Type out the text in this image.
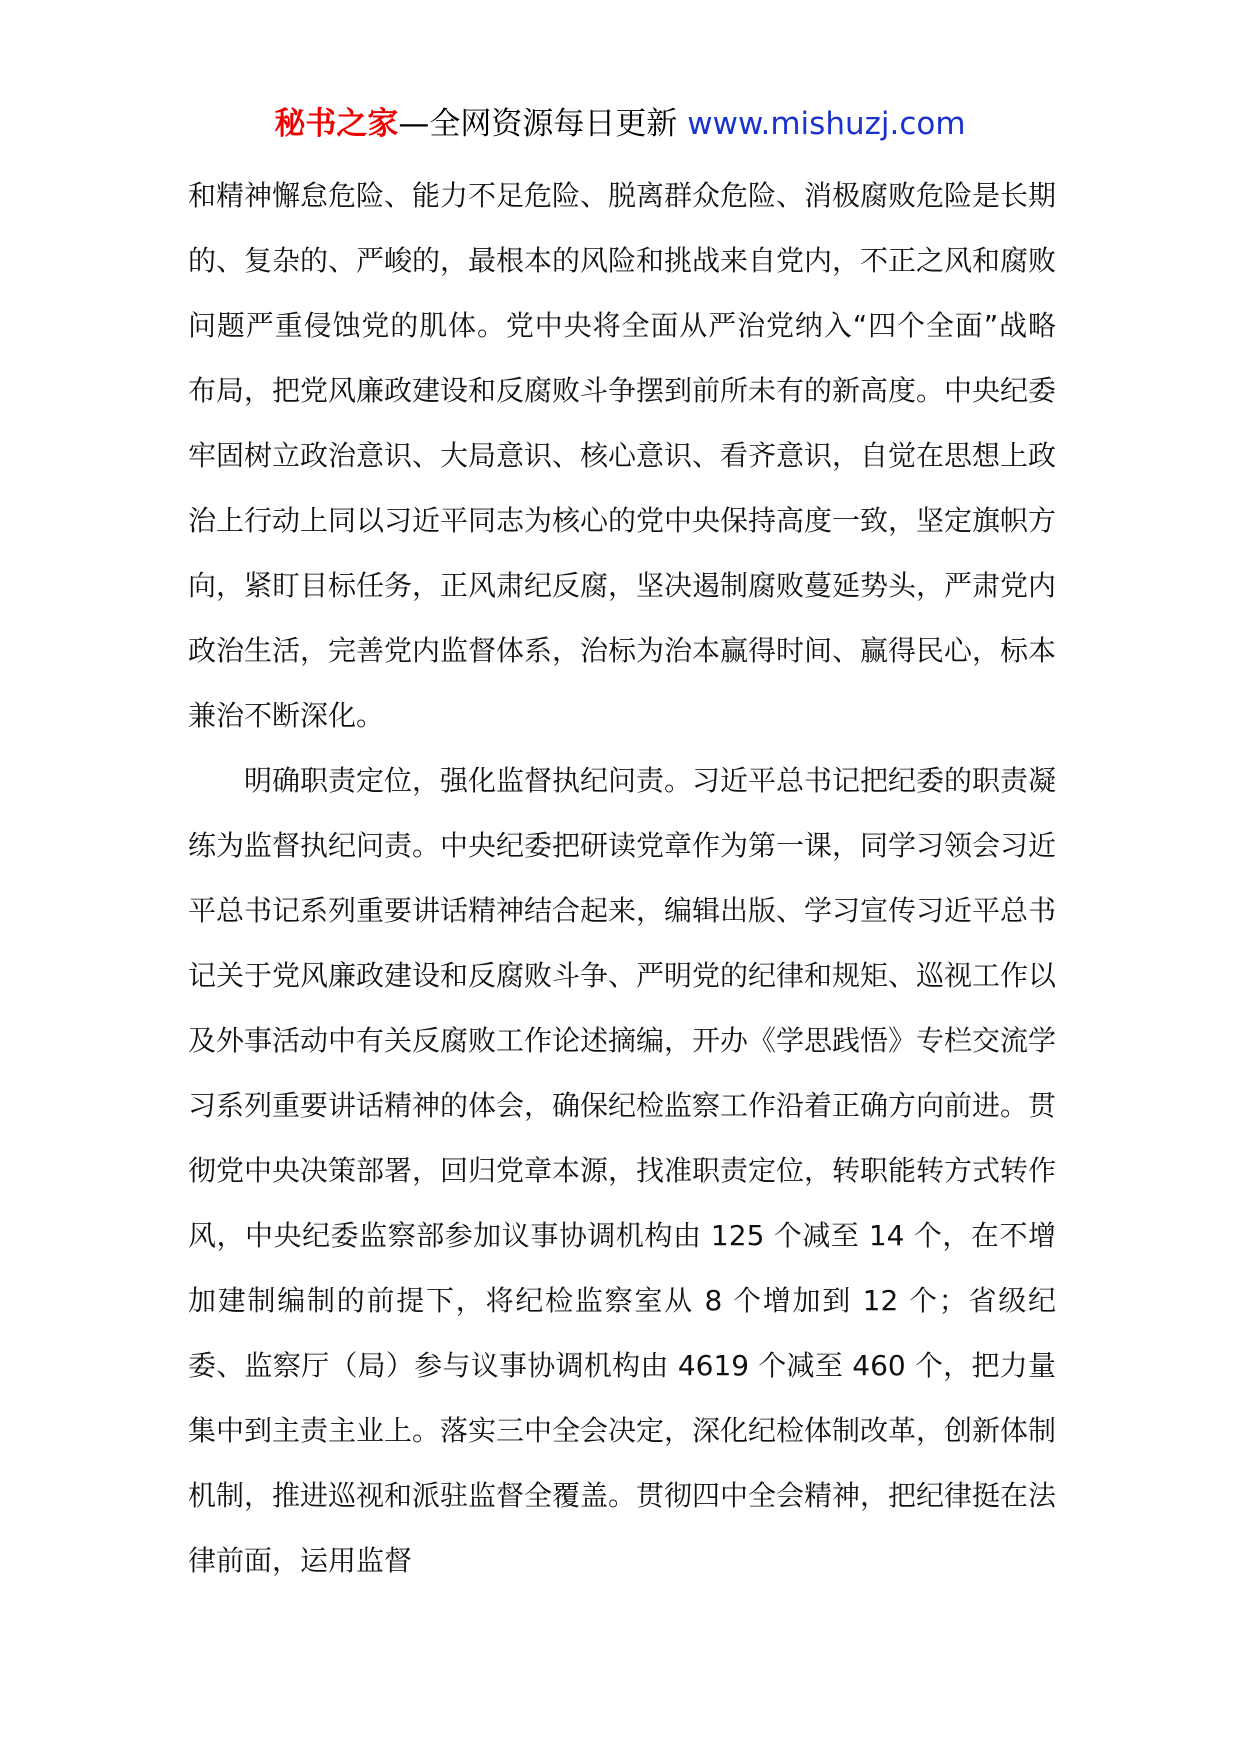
秘书之家—全网资源每日更新 www.mishuzj.com

和精神懈怠危险、能力不足危险、脱离群众危险、消极腐败危险是长期的、复杂的、严峻的，最根本的风险和挑战来自党内，不正之风和腐败问题严重侵蚀党的肌体。党中央将全面从严治党纳入“四个全面”战略布局，把党风廉政建设和反腐败斗争摆到前所未有的新高度。中央纪委牢固树立政治意识、大局意识、核心意识、看齐意识，自觉在思想上政治上行动上同以习近平同志为核心的党中央保持高度一致，坚定旗帜方向，紧盯目标任务，正风肃纪反腐，坚决遏制腐败蔓延势头，严肃党内政治生活，完善党内监督体系，治标为治本赢得时间、赢得民心，标本兼治不断深化。

明确职责定位，强化监督执纪问责。习近平总书记把纪委的职责凝练为监督执纪问责。中央纪委把研读党章作为第一课，同学习领会习近平总书记系列重要讲话精神结合起来，编辑出版、学习宣传习近平总书记关于党风廉政建设和反腐败斗争、严明党的纪律和规矩、巡视工作以及外事活动中有关反腐败工作论述摘编，开办《学思践悟》专栏交流学习系列重要讲话精神的体会，确保纪检监察工作沿着正确方向前进。贯彻党中央决策部署，回归党章本源，找准职责定位，转职能转方式转作风，中央纪委监察部参加议事协调机构由 125 个减至 14 个，在不增加建制编制的前提下，将纪检监察室从 8 个增加到 12 个；省级纪委、监察厅（局）参与议事协调机构由 4619 个减至 460 个，把力量集中到主责主业上。落实三中全会决定，深化纪检体制改革，创新体制机制，推进巡视和派驻监督全覆盖。贯彻四中全会精神，把纪律挺在法律前面，运用监督
